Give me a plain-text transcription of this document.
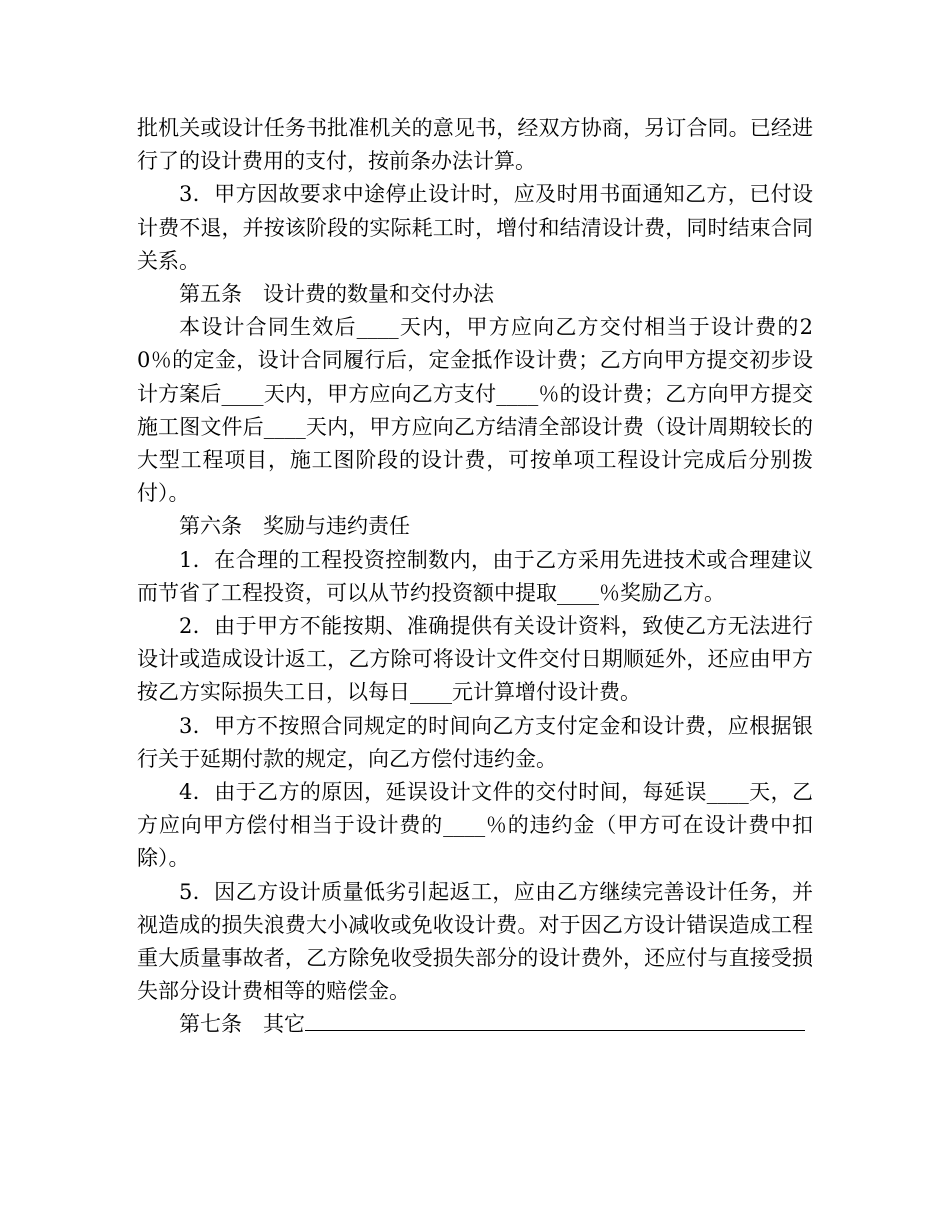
批机关或设计任务书批准机关的意见书，经双方协商，另订合同。已经进行了的设计费用的支付，按前条办法计算。

3．甲方因故要求中途停止设计时，应及时用书面通知乙方，已付设计费不退，并按该阶段的实际耗工时，增付和结清设计费，同时结束合同关系。

第五条 设计费的数量和交付办法

本设计合同生效后____天内，甲方应向乙方交付相当于设计费的20％的定金，设计合同履行后，定金抵作设计费；乙方向甲方提交初步设计方案后____天内，甲方应向乙方支付____％的设计费；乙方向甲方提交施工图文件后____天内，甲方应向乙方结清全部设计费（设计周期较长的大型工程项目，施工图阶段的设计费，可按单项工程设计完成后分别拨付）。

第六条 奖励与违约责任

1．在合理的工程投资控制数内，由于乙方采用先进技术或合理建议而节省了工程投资，可以从节约投资额中提取____％奖励乙方。

2．由于甲方不能按期、准确提供有关设计资料，致使乙方无法进行设计或造成设计返工，乙方除可将设计文件交付日期顺延外，还应由甲方按乙方实际损失工日，以每日____元计算增付设计费。

3．甲方不按照合同规定的时间向乙方支付定金和设计费，应根据银行关于延期付款的规定，向乙方偿付违约金。

4．由于乙方的原因，延误设计文件的交付时间，每延误____天，乙方应向甲方偿付相当于设计费的____％的违约金（甲方可在设计费中扣除）。

5．因乙方设计质量低劣引起返工，应由乙方继续完善设计任务，并视造成的损失浪费大小减收或免收设计费。对于因乙方设计错误造成工程重大质量事故者，乙方除免收受损失部分的设计费外，还应付与直接受损失部分设计费相等的赔偿金。

第七条 其它
